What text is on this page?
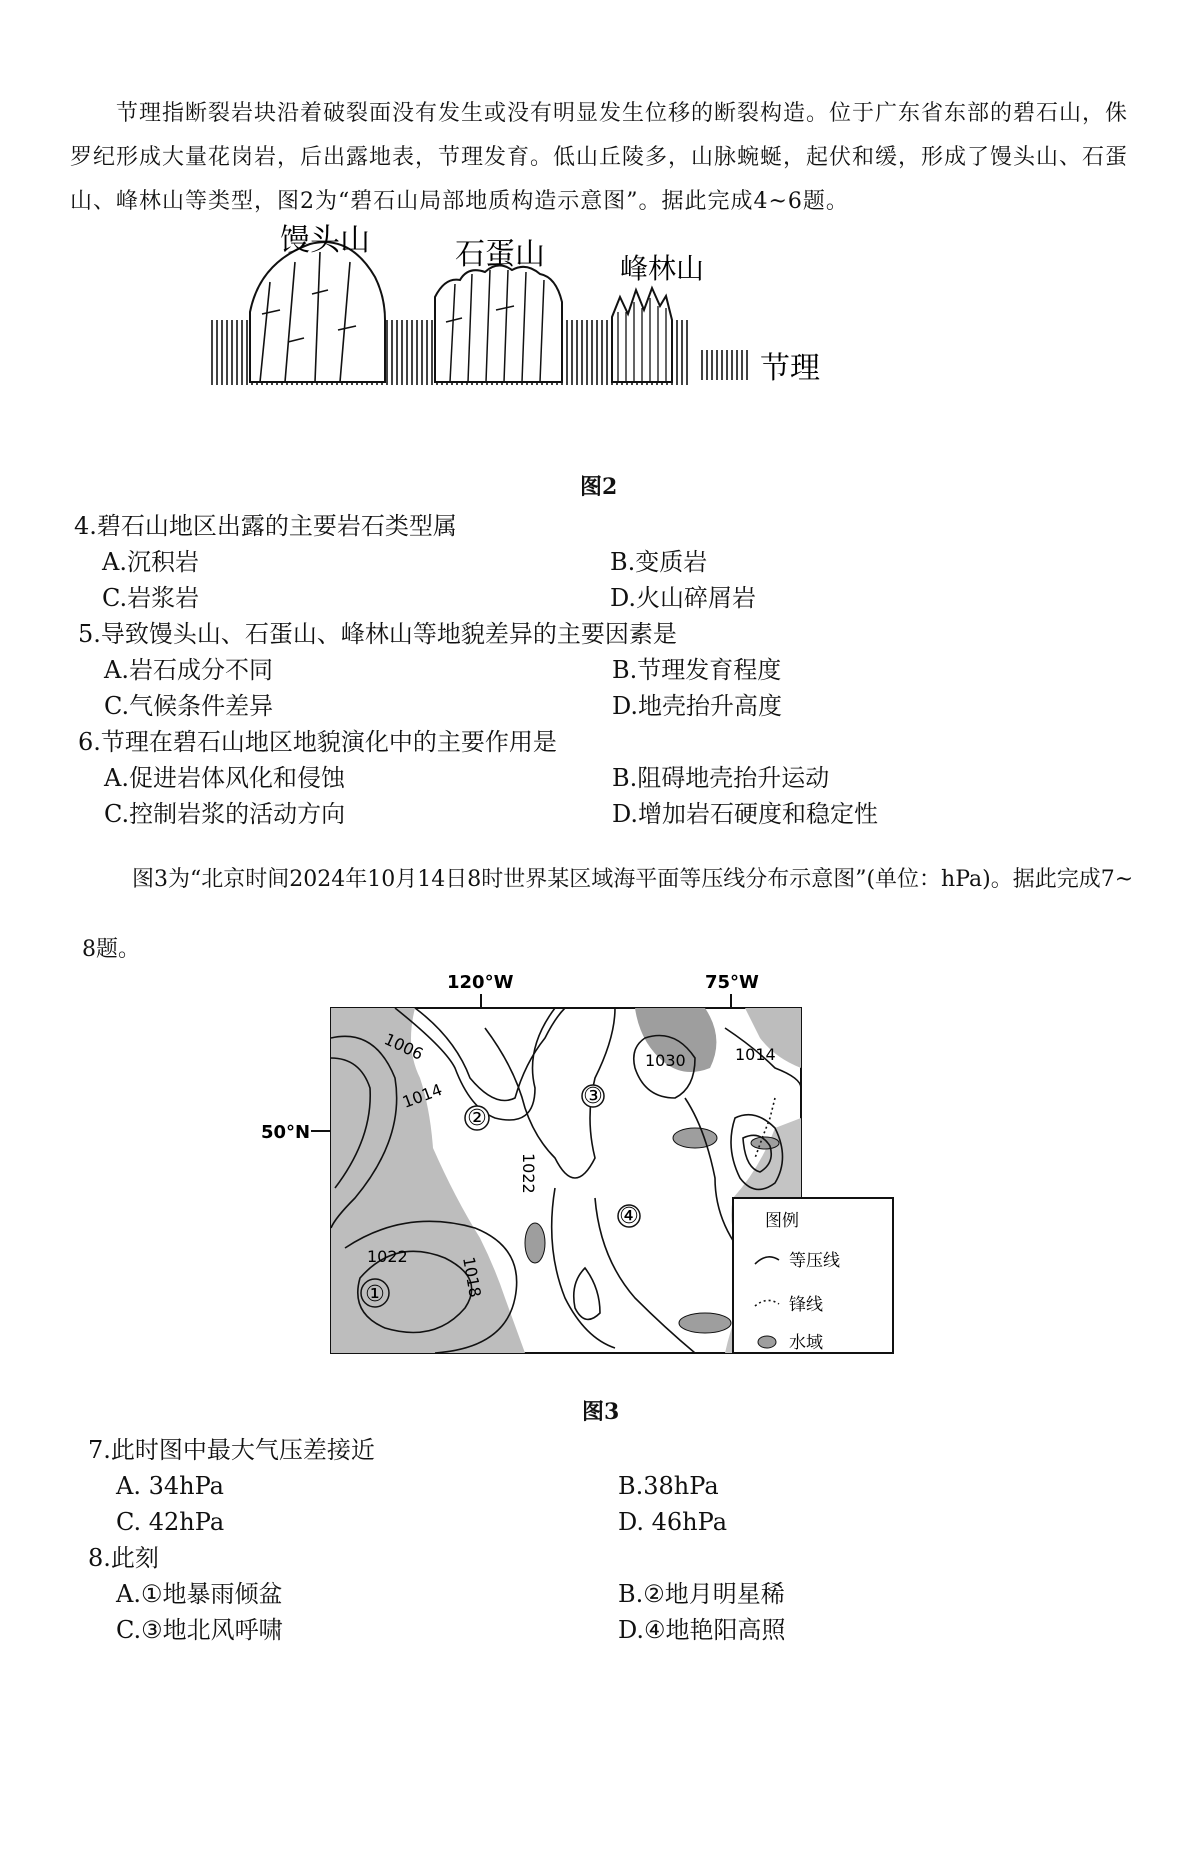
节理指断裂岩块沿着破裂面没有发生或没有明显发生位移的断裂构造。位于广东省东部的碧石山，侏罗纪形成大量花岗岩，后出露地表，节理发育。低山丘陵多，山脉蜿蜒，起伏和缓，形成了馒头山、石蛋山、峰林山等类型，图2为“碧石山局部地质构造示意图”。据此完成4~6题。
馒头山	石蛋山	峰林山
节理
图2
4.碧石山地区出露的主要岩石类型属
A.沉积岩	B.变质岩
C.岩浆岩	D.火山碎屑岩
5.导致馒头山、石蛋山、峰林山等地貌差异的主要因素是
A.岩石成分不同	B.节理发育程度
C.气候条件差异	D.地壳抬升高度
6.节理在碧石山地区地貌演化中的主要作用是
A.促进岩体风化和侵蚀	B.阻碍地壳抬升运动
C.控制岩浆的活动方向	D.增加岩石硬度和稳定性
图3为“北京时间2024年10月14日8时世界某区域海平面等压线分布示意图”(单位：hPa)。据此完成7~
8题。
120°W	75°W
50°N
1006
1014
1030	1014
1022
1022	1018
①
②
③
④	图例
等压线
锋线
水域
图3
7.此时图中最大气压差接近
A. 34hPa	B.38hPa
C. 42hPa	D. 46hPa
8.此刻
A.①地暴雨倾盆	B.②地月明星稀
C.③地北风呼啸	D.④地艳阳高照
